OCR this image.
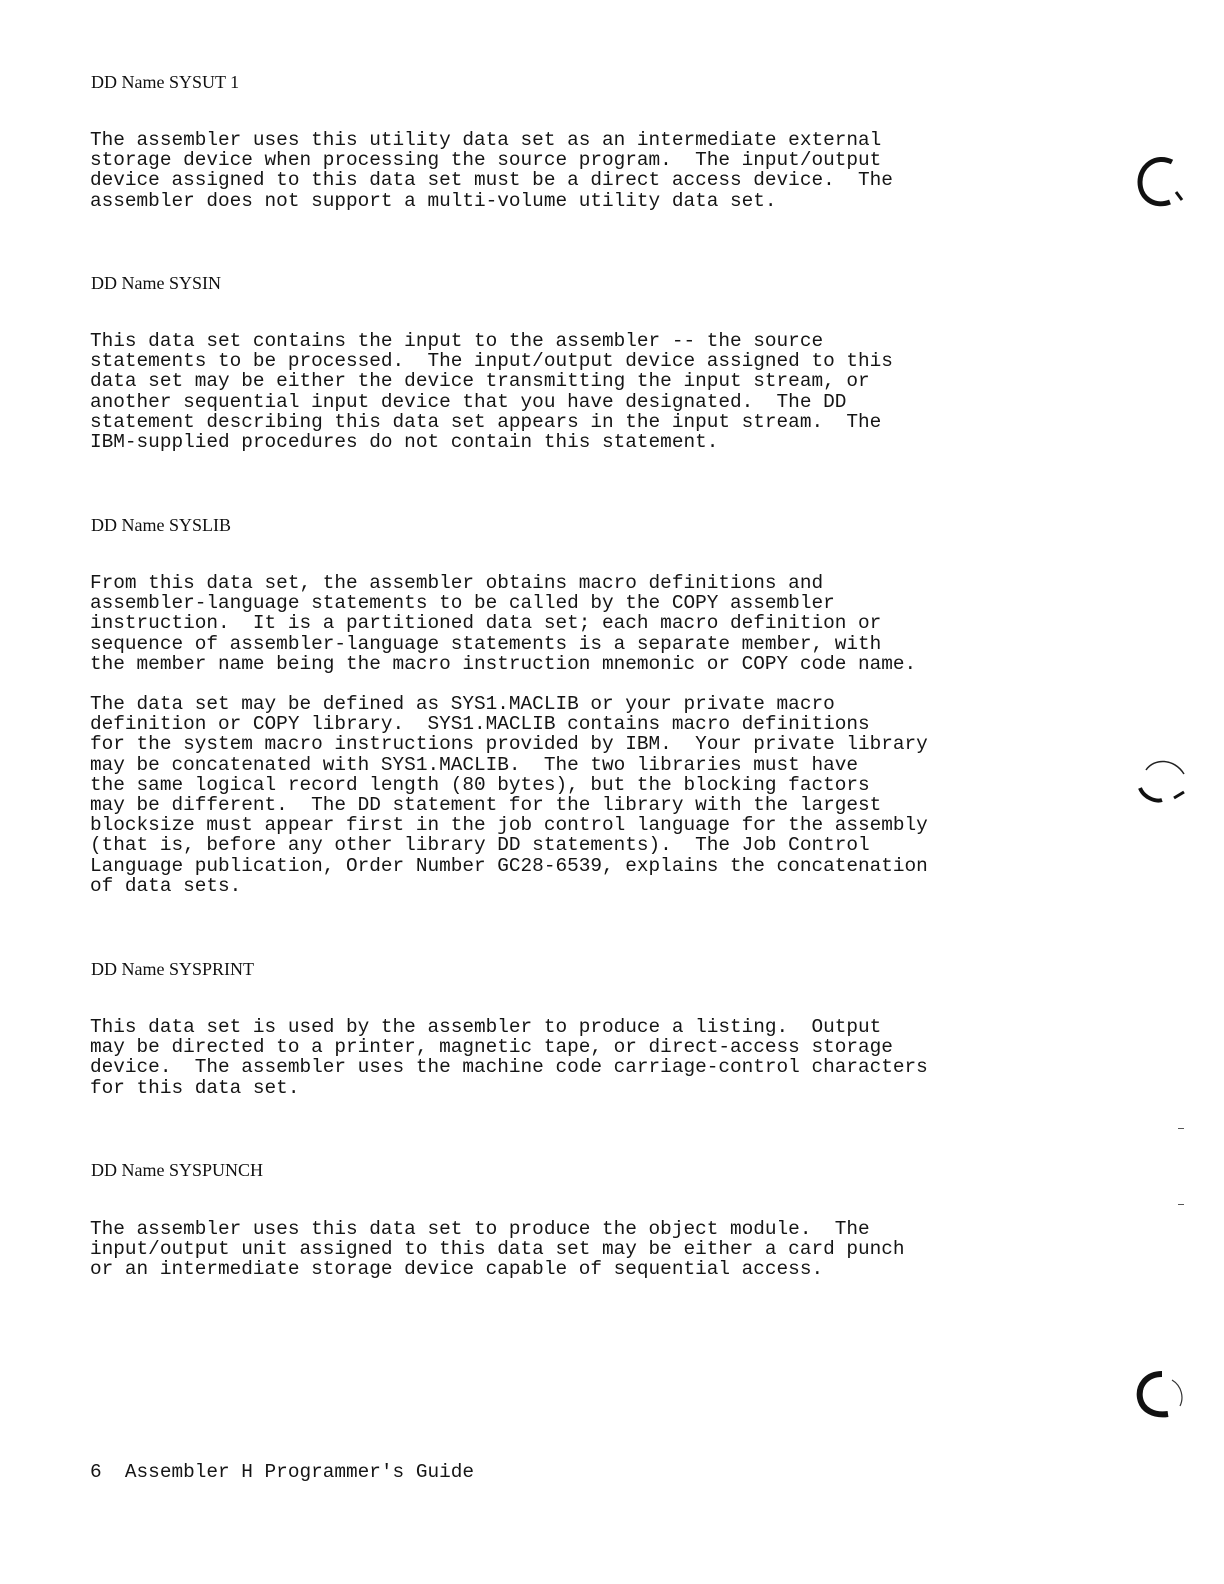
DD Name SYSUT 1

The assembler uses this utility data set as an intermediate external
storage device when processing the source program.  The input/output
device assigned to this data set must be a direct access device.  The
assembler does not support a multi-volume utility data set.

DD Name SYSIN

This data set contains the input to the assembler -- the source
statements to be processed.  The input/output device assigned to this
data set may be either the device transmitting the input stream, or
another sequential input device that you have designated.  The DD
statement describing this data set appears in the input stream.  The
IBM-supplied procedures do not contain this statement.

DD Name SYSLIB

From this data set, the assembler obtains macro definitions and
assembler-language statements to be called by the COPY assembler
instruction.  It is a partitioned data set; each macro definition or
sequence of assembler-language statements is a separate member, with
the member name being the macro instruction mnemonic or COPY code name.

The data set may be defined as SYS1.MACLIB or your private macro
definition or COPY library.  SYS1.MACLIB contains macro definitions
for the system macro instructions provided by IBM.  Your private library
may be concatenated with SYS1.MACLIB.  The two libraries must have
the same logical record length (80 bytes), but the blocking factors
may be different.  The DD statement for the library with the largest
blocksize must appear first in the job control language for the assembly
(that is, before any other library DD statements).  The Job Control
Language publication, Order Number GC28-6539, explains the concatenation
of data sets.

DD Name SYSPRINT

This data set is used by the assembler to produce a listing.  Output
may be directed to a printer, magnetic tape, or direct-access storage
device.  The assembler uses the machine code carriage-control characters
for this data set.

DD Name SYSPUNCH

The assembler uses this data set to produce the object module.  The
input/output unit assigned to this data set may be either a card punch
or an intermediate storage device capable of sequential access.

6  Assembler H Programmer's Guide
